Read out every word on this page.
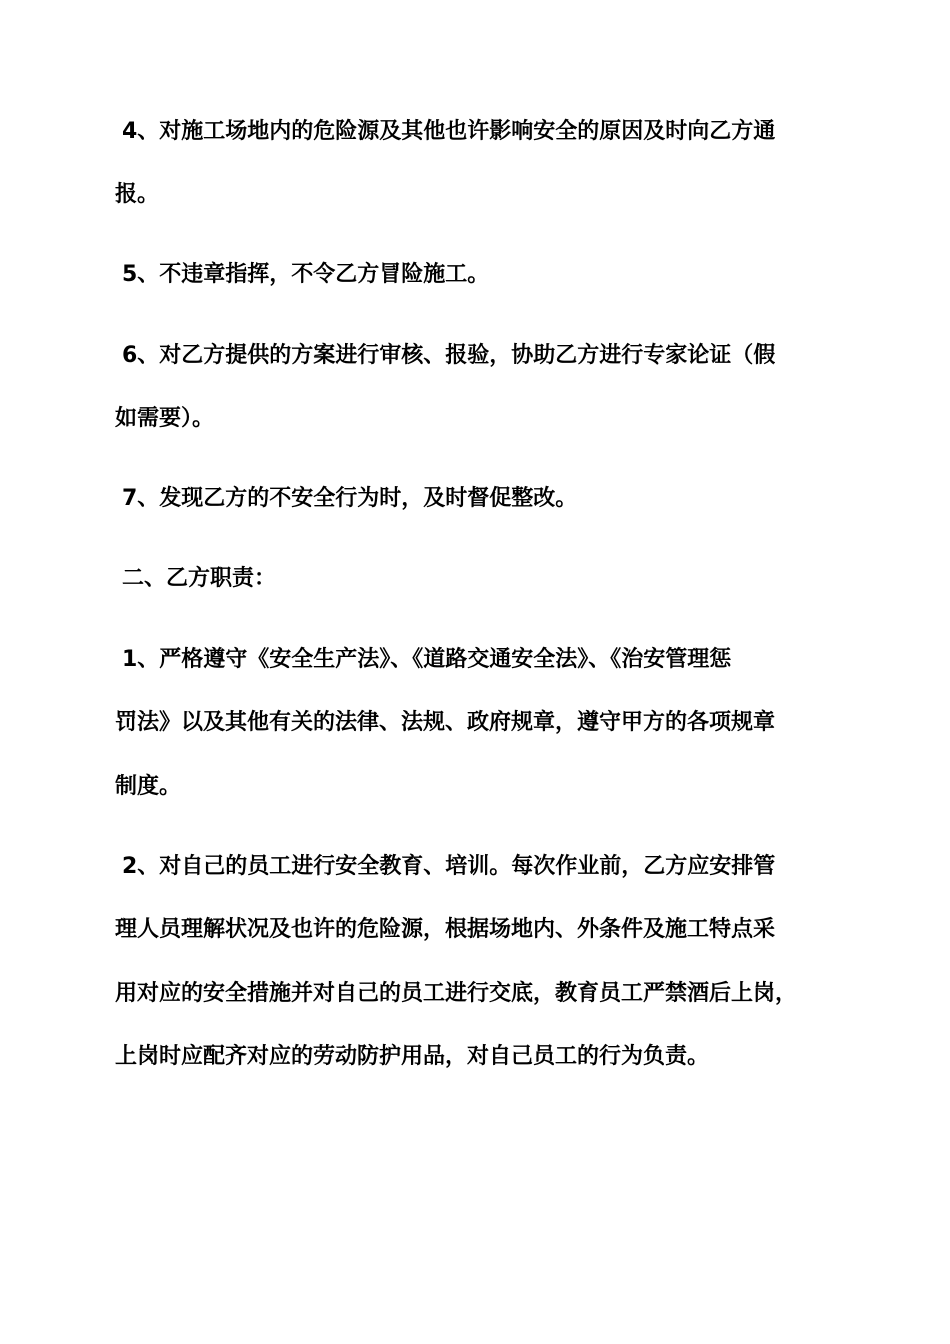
4、对施工场地内的危险源及其他也许影响安全的原因及时向乙方通
报。
5、不违章指挥，不令乙方冒险施工。
6、对乙方提供的方案进行审核、报验，协助乙方进行专家论证（假
如需要）。
7、发现乙方的不安全行为时，及时督促整改。
二、乙方职责：
1、严格遵守《安全生产法》、《道路交通安全法》、《治安管理惩
罚法》以及其他有关的法律、法规、政府规章，遵守甲方的各项规章
制度。
2、对自己的员工进行安全教育、培训。每次作业前，乙方应安排管
理人员理解状况及也许的危险源，根据场地内、外条件及施工特点采
用对应的安全措施并对自己的员工进行交底，教育员工严禁酒后上岗，
上岗时应配齐对应的劳动防护用品，对自己员工的行为负责。
